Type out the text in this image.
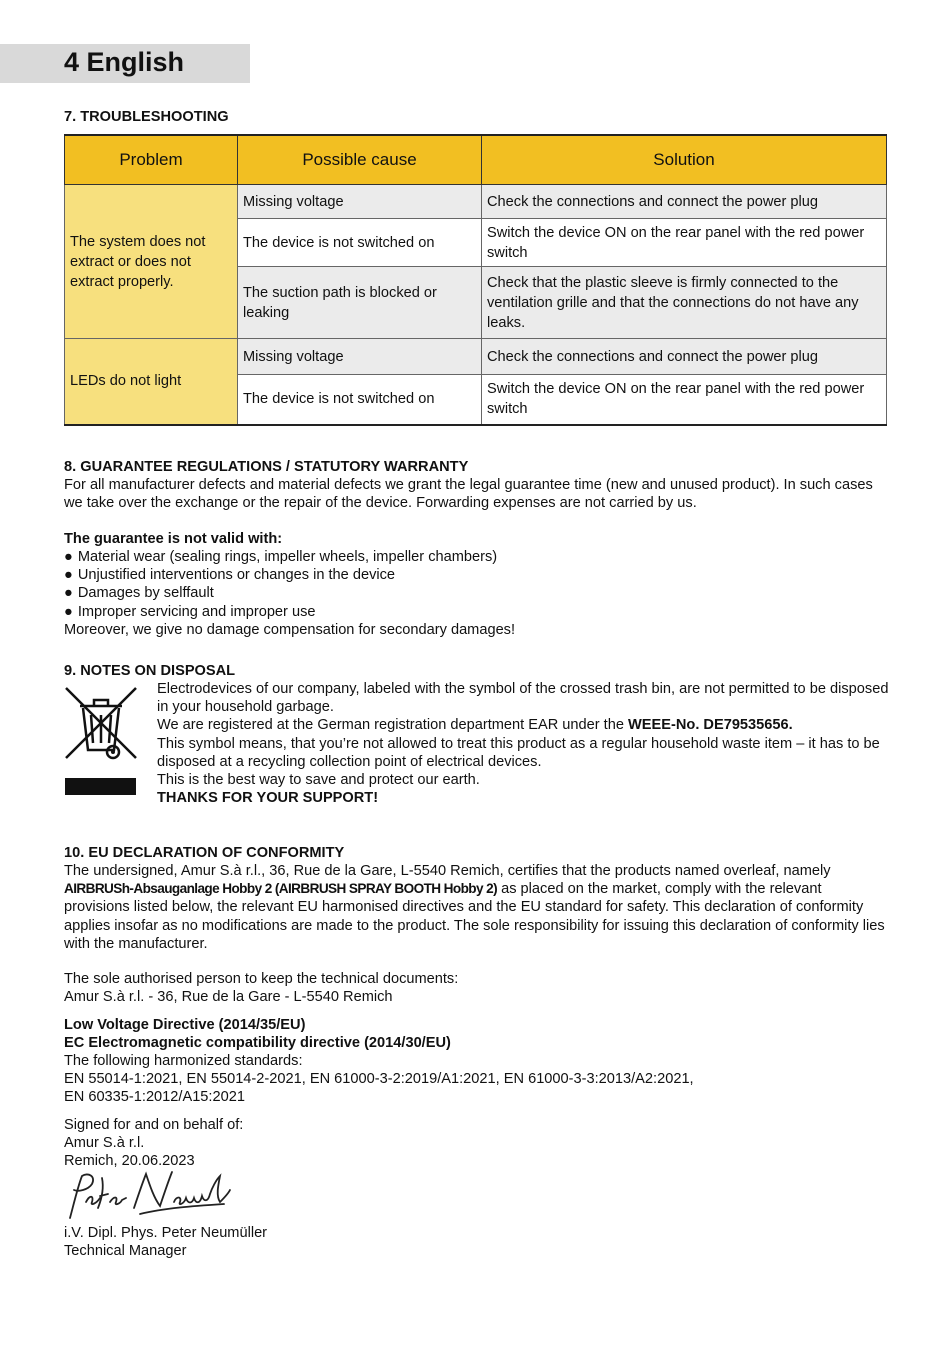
4 English
7. TROUBLESHOOTING
Problem	Possible cause	Solution
The system does not extract or does not extract properly.	Missing voltage	Check the connections and connect the power plug
	The device is not switched on	Switch the device ON on the rear panel with the red power switch
	The suction path is blocked or leaking	Check that the plastic sleeve is firmly connected to the ventilation grille and that the connections do not have any leaks.
LEDs do not light	Missing voltage	Check the connections and connect the power plug
	The device is not switched on	Switch the device ON on the rear panel with the red power switch
8. GUARANTEE REGULATIONS / STATUTORY WARRANTY
For all manufacturer defects and material defects we grant the legal guarantee time (new and unused product). In such cases we take over the exchange or the repair of the device. Forwarding expenses are not carried by us.
The guarantee is not valid with:
● Material wear (sealing rings, impeller wheels, impeller chambers)
● Unjustified interventions or changes in the device
● Damages by selffault
● Improper servicing and improper use
Moreover, we give no damage compensation for secondary damages!
9. NOTES ON DISPOSAL

Electrodevices of our company, labeled with the symbol of the crossed trash bin, are not permitted to be disposed in your household garbage.

We are registered at the German registration department EAR under the WEEE-No. DE79535656.

This symbol means, that you’re not allowed to treat this product as a regular household waste item – it has to be disposed at a recycling collection point of electrical devices.

This is the best way to save and protect our earth.

THANKS FOR YOUR SUPPORT!

10. EU DECLARATION OF CONFORMITY
The undersigned, Amur S.à r.l., 36, Rue de la Gare, L-5540 Remich, certifies that the products named overleaf, namely AIRBRUSh-Absauganlage Hobby 2 (AIRBRUSH SPRAY BOOTH Hobby 2) as placed on the market, comply with the relevant provisions listed below, the relevant EU harmonised directives and the EU standard for safety. This declaration of conformity applies insofar as no modifications are made to the product. The sole responsibility for issuing this declaration of conformity lies with the manufacturer.
The sole authorised person to keep the technical documents:
Amur S.à r.l. - 36, Rue de la Gare - L-5540 Remich
Low Voltage Directive (2014/35/EU)
EC Electromagnetic compatibility directive (2014/30/EU)
The following harmonized standards:
EN 55014-1:2021, EN 55014-2-2021, EN 61000-3-2:2019/A1:2021, EN 61000-3-3:2013/A2:2021,
EN 60335-1:2012/A15:2021
Signed for and on behalf of:
Amur S.à r.l.
Remich, 20.06.2023
i.V. Dipl. Phys. Peter Neumüller
Technical Manager
